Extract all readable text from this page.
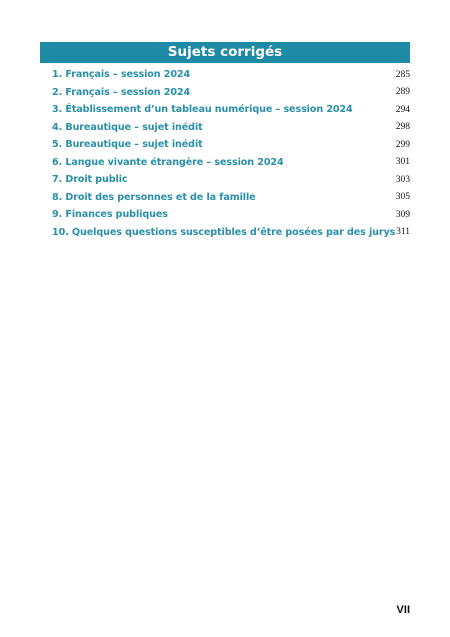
Sujets corrigés
1. Français – session 2024	285
2. Français – session 2024	289
3. Établissement d’un tableau numérique – session 2024	294
4. Bureautique – sujet inédit	298
5. Bureautique – sujet inédit	299
6. Langue vivante étrangère – session 2024	301
7. Droit public	303
8. Droit des personnes et de la famille	305
9. Finances publiques	309
10. Quelques questions susceptibles d’être posées par des jurys 311
VII
